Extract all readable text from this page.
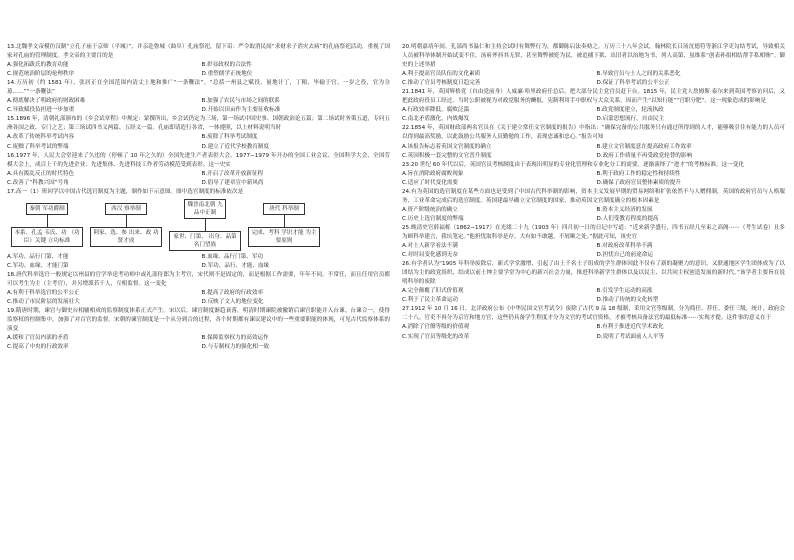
13.北魏孝文帝模仿汉制“立孔子庙于京师（平城）”，并亲赴鲁城（曲阜）孔庙祭祀，留下诏：严令取消民间“求财求子消灾去病”的孔庙祭祀活动，重视了国家对孔庙的管理制度。孝文帝的主要目的是

A.强化拓跋氏的教育功能	B.彰显政权的合法性
C.规范统治阶层的伦理秩序	D.重塑儒学正统地位

14.万历初（约 1581 年），张居正在全国范围内清丈土地和推广“一条鞭法”。“总括一州县之赋役，量地计丁，丁粮、毕输于官，一岁之役，官为佥募……”“一条鞭法”

A.彻底解决了明政府的财政困难	B.加强了农民与市场之间的联系
C.导致赋役负担进一步加重	D.开始以田亩作为主要征收标准

15.1896 年，清朝礼部颁布的《乡会试章程》中规定：蒙撰所出，乡会试仍定为三场，第一场试中国史事、国朝政治论五篇；第二场试时务策五道，专问五洲各国之政、专门之艺；第三场试四书义两篇、五经义一篇。孔庙即请造行各省，一体遵照，以上材料说明当时

A.改革了传统科举考试内容	B.废除了科举考试制度
C.废黜了科举考试的弊端	D.建立了近代学校教育制度

16.1977 年，人民大会堂迎来了久违的（停顿了 10 年之久的）全国先进生产者表彰大会。1977−1979 年开办的全国工业会议、全国科学大会、全国劳模大会上，成百上千的先进企业、先进集体、先进科技工作者劳动模范受到表彰。这一史实

A.具有拨乱反正的时代特色	B.开启了改革开放新征程
C.改善了“科教兴国”号角	D.倡导了建章宣中新风尚

17.高一（1）班同学以中国古代选官制度为主题，制作如下示意图。图中选官制度的标准依次是

秦朝 军功爵制
本系、孔孟 韦氏、功 （功臣）关键 立功标准
西汉 察举制
阿家、选、参 出来、政 功贤才成
魏晋南北朝 九品中正制
家世、门第、 出身、品第 名门望族
唐代 科举制
完成、考科 学识才能 为主要原则
A.军功、品行门第、才能	B.血缘、品行门第、军功
C.军功、血缘、才能门第	D.军功、品行、才能、血缘

18.唐代科举选官一般规定以州县的官学举送考功师中或礼部侍郎为主考官，宋代则不是固定的，而是根据工作需要，年年不同，不常任，而且任用官员都可以考生为主（主考官），并另增派若干人，互相监督。这一变化

A.有利于科举选官的公平公正	B.提高了政府的行政效率
C.推动了市民阶层的发展壮大	D.反映了文人的地位变化

19.隋唐时期，谏官与御史台相辅相成的监察制度体系正式产生。宋以后，谏官制度渐趋衰落，明清时期谏院被撤销后谏官职能并入台谏。台谏合一，使得监察权的控制集中，加强了对百官的监督。宋朝的谏官制度是一个从分到合的过程，各个时期都有谏议建议中的一些重要职能的体现，可见古代监察体系的演变

A.缓和了官员内部的矛盾	B.保障监察权力的高效运作
C.提高了中央的行政效率	D.与专制权力的强化相一致

20.明朝嘉靖年间，孔部尚书温仁和主持会试时有舞弊行为，都御陈启法奏劾之。万历三十八年会试，翰林院长吕汤沈德符等浙江学吏勾结考试，导致相关人员被科举体制开始试变不住，汤府斧抖其无罪，甚至舞弊被贬为民，被追捕下狱、出旧者以治地为书，列人高第，虽维系“创表孙捐相结帮手私相贿”。御史的上述举措

A.利于提高官员队伍的文化素质	B.导致官员与士人之间的关系恶化
C.推动了官员考核制度日趋完善	D.保证了科举考试的公平公正

21.1841 年，英国辉格党（自由党前身）人威廉·哈里政府任总后，把大部分民主党宫员赶下台。1815 年，民主党人詹姆斯·泰尔来到英国考察访问后，又把此政府役员工经过。当时公职被视为对政党服务的酬报，宪制利用手中职权与大众关系，因而产生“以知行能”“官职分肥”。这一现象造成的影响是

A.行政效率降低，腐败泛滥	B.政党制度建立，轮流执政
C.南北矛盾激化，内战爆发	D.启蒙思想流行，自由民主

22.1854 年，英国财政部两名官员在《关于建立常任文官制度的报告》中指出：“确保完备的公共服务只有通过所得到的人才，能够吸引住有能力的人员可以得到最高奖励，以此鼓励公共服务人员勤勉的工作，表现忠诚和忠心。”报告可知

A.该报告标志着英国文官制度的确立	B.建立文官制度意在提高政府工作效率
C.英国积极一套完整的文官晋升制度	D.政府工作质量不再受政党轮替的影响

23.20 世纪 60 年代以后，英国官员考核制度由于表现出明显的专业化管理和专业化分工的需要，逐渐演绎了“进才”的考核标准。这一变化

A.旨在消除政府腐败现象	B.利于政府工作的稳定性和持续性
C.适应了时代变化需要	D.确保了政府官员整体素质的提升

24.有为英国的选官制度在某些方面也是受到了中国古代科举制的影响，资本主义发展早期的贸易网络和扩张依然不与人赠佣制，英国的政府官员与人格服务，工业革命完成后的选官制度。英国建最早确立文官制度的国家，推动英国文官制度确立的根本因素是

A.资产阶级统治的确立	B.资本主义经济的发展
C.历史上选官制度的弊端	D.人们受教育程度的提高

25.晚清史官薛福栎（1862−1917）在光绪二十九（1903 年）四月初一日的日记中写道：“近来新学盛行，四书五经几至束之高阁⋯⋯（考生试卷）且多为顾科举建言，我坑笔定。”他担忧取科举是存，大有如不敢越，不屑顺之处。”据此可知，该史官

A.对士人新学看法不满	B.对政府改革科举不满
C.对时局变化感到无奈	D.担忧自己的前途命运

26.有学者认为“1905 年科举废除后，新式学堂激增，引起了由上千名士子组成的学生群体因此不仅有了新的凝聚力的意识，又联通地区学生团体成为了以团结为主的政党组织，结成以前士绅主要学堂为中心的新兴社会力量，推进科举新学生群体以及以民主、以共同主权创造发展的新时代。”该学者主要旨在说明科举的废除

A.完全颠覆了旧式价值观	B.引发学生运动的高涨
C.利于了民主革命运动	D.推动了传统的文化转型

27.1912 年 10 月 16 日，北洋政府公布《中华民国文官考试令》废除了古代 9 品 18 级制，采用文官等级制，分为简任、荐任、委任三级，统计，政府会二十八。官吏不再分为京官和地方官，这些仍具备学生程度才分为文官的考试官资格，才被考核具备法官的最低标准⋯⋯实现才提。这件事的意义在于

A.消除了官僚等级的价值观	B.有利于推进近代学术政化
C.实现了官员等级化的改革	D.说明了考试面前人人平等
